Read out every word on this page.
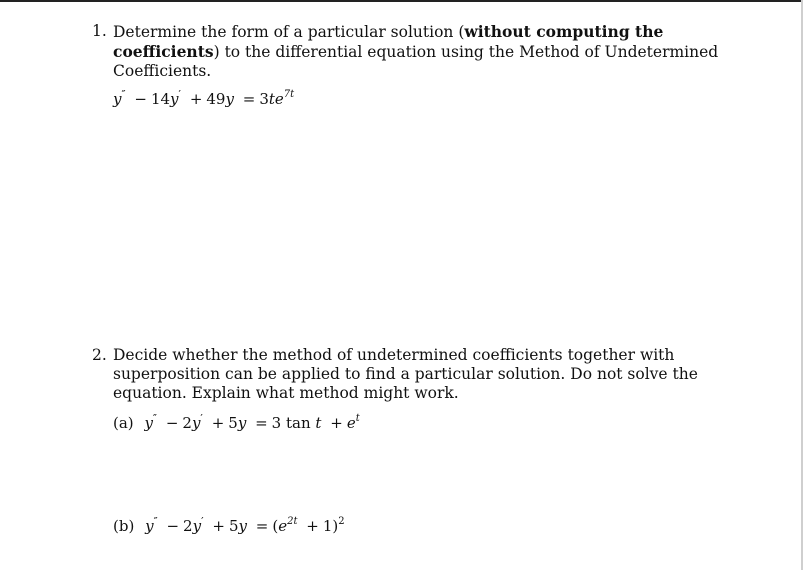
1. Determine the form of a particular solution (without computing the coefficients) to the differential equation using the Method of Undetermined Coefficients.
$y'' - 14y' + 49y = 3te^{7t}$
2. Decide whether the method of undetermined coefficients together with superposition can be applied to find a particular solution. Do not solve the equation. Explain what method might work.
(a) y″ − 2y′ + 5y = 3 $\tan t + e^t$
(b) $y'' - 2y' + 5y = (e^{2t} + 1)^2$
